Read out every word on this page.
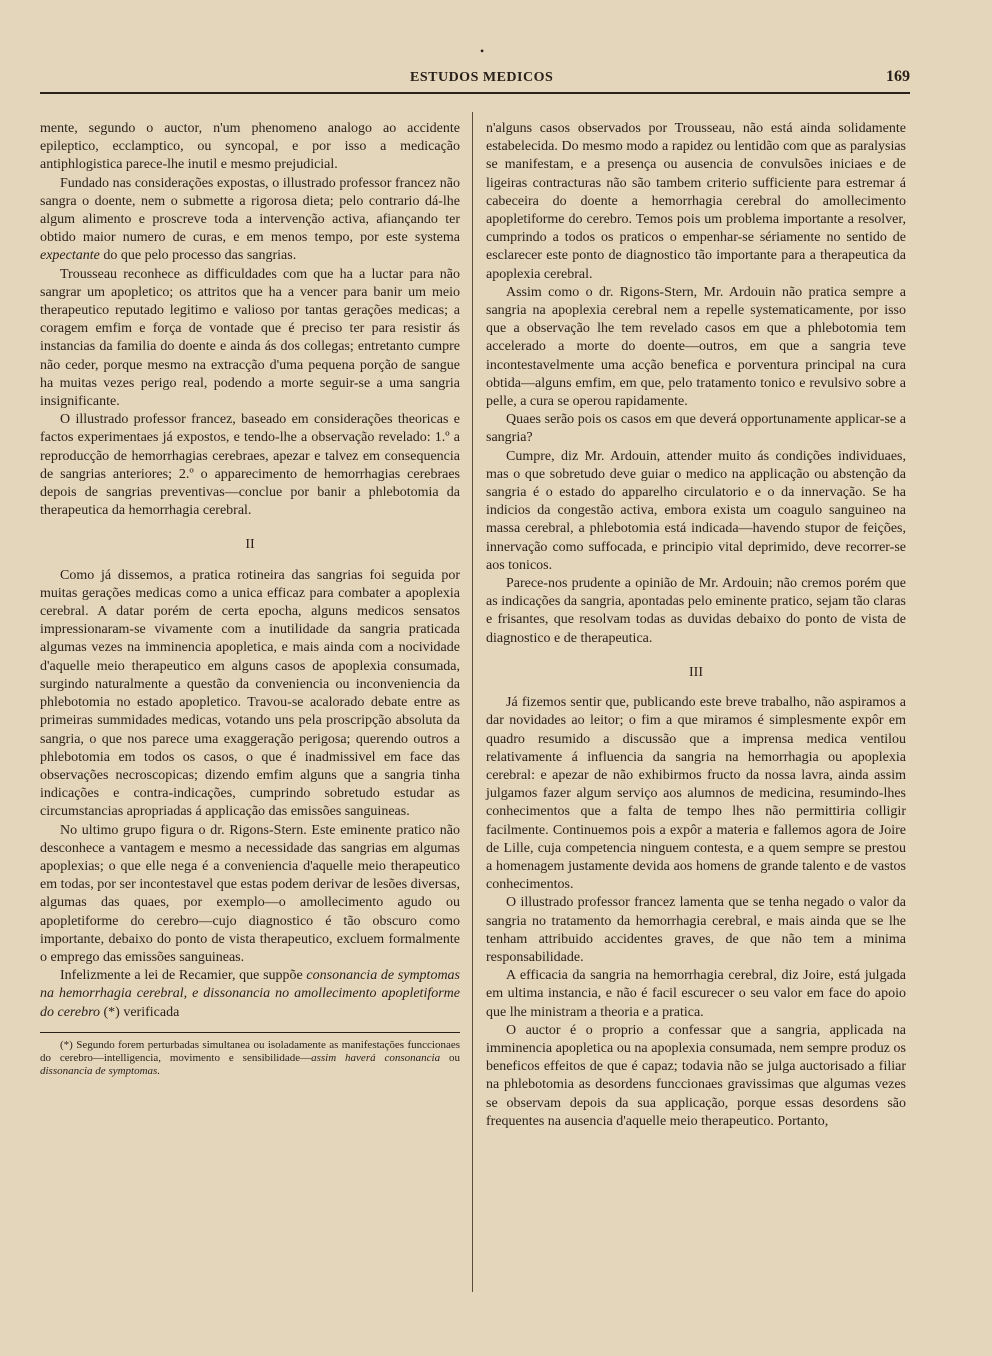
•
ESTUDOS MEDICOS	169

mente, segundo o auctor, n'um phenomeno analogo ao accidente epileptico, ecclamptico, ou syncopal, e por isso a medicação antiphlogistica parece-lhe inutil e mesmo prejudicial.

Fundado nas considerações expostas, o illustrado professor francez não sangra o doente, nem o submette a rigorosa dieta; pelo contrario dá-lhe algum alimento e proscreve toda a intervenção activa, afiançando ter obtido maior numero de curas, e em menos tempo, por este systema expectante do que pelo processo das sangrias.

Trousseau reconhece as difficuldades com que ha a luctar para não sangrar um apopletico; os attritos que ha a vencer para banir um meio therapeutico reputado legitimo e valioso por tantas gerações medicas; a coragem emfim e força de vontade que é preciso ter para resistir ás instancias da familia do doente e ainda ás dos collegas; entretanto cumpre não ceder, porque mesmo na extracção d'uma pequena porção de sangue ha muitas vezes perigo real, podendo a morte seguir-se a uma sangria insignificante.

O illustrado professor francez, baseado em considerações theoricas e factos experimentaes já expostos, e tendo-lhe a observação revelado: 1.º a reproducção de hemorrhagias cerebraes, apezar e talvez em consequencia de sangrias anteriores; 2.º o apparecimento de hemorrhagias cerebraes depois de sangrias preventivas—conclue por banir a phlebotomia da therapeutica da hemorrhagia cerebral.

II

Como já dissemos, a pratica rotineira das sangrias foi seguida por muitas gerações medicas como a unica efficaz para combater a apoplexia cerebral. A datar porém de certa epocha, alguns medicos sensatos impressionaram-se vivamente com a inutilidade da sangria praticada algumas vezes na imminencia apopletica, e mais ainda com a nocividade d'aquelle meio therapeutico em alguns casos de apoplexia consumada, surgindo naturalmente a questão da conveniencia ou inconveniencia da phlebotomia no estado apopletico. Travou-se acalorado debate entre as primeiras summidades medicas, votando uns pela proscripção absoluta da sangria, o que nos parece uma exaggeração perigosa; querendo outros a phlebotomia em todos os casos, o que é inadmissivel em face das observações necroscopicas; dizendo emfim alguns que a sangria tinha indicações e contra-indicações, cumprindo sobretudo estudar as circumstancias apropriadas á applicação das emissões sanguineas.

No ultimo grupo figura o dr. Rigons-Stern. Este eminente pratico não desconhece a vantagem e mesmo a necessidade das sangrias em algumas apoplexias; o que elle nega é a conveniencia d'aquelle meio therapeutico em todas, por ser incontestavel que estas podem derivar de lesões diversas, algumas das quaes, por exemplo—o amollecimento agudo ou apopletiforme do cerebro—cujo diagnostico é tão obscuro como importante, debaixo do ponto de vista therapeutico, excluem formalmente o emprego das emissões sanguineas.

Infelizmente a lei de Recamier, que suppõe consonancia de symptomas na hemorrhagia cerebral, e dissonancia no amollecimento apopletiforme do cerebro (*) verificada

(*) Segundo forem perturbadas simultanea ou isoladamente as manifestações funccionaes do cerebro—intelligencia, movimento e sensibilidade—assim haverá consonancia ou dissonancia de symptomas.

n'alguns casos observados por Trousseau, não está ainda solidamente estabelecida. Do mesmo modo a rapidez ou lentidão com que as paralysias se manifestam, e a presença ou ausencia de convulsões iniciaes e de ligeiras contracturas não são tambem criterio sufficiente para estremar á cabeceira do doente a hemorrhagia cerebral do amollecimento apopletiforme do cerebro. Temos pois um problema importante a resolver, cumprindo a todos os praticos o empenhar-se sériamente no sentido de esclarecer este ponto de diagnostico tão importante para a therapeutica da apoplexia cerebral.

Assim como o dr. Rigons-Stern, Mr. Ardouin não pratica sempre a sangria na apoplexia cerebral nem a repelle systematicamente, por isso que a observação lhe tem revelado casos em que a phlebotomia tem accelerado a morte do doente—outros, em que a sangria teve incontestavelmente uma acção benefica e porventura principal na cura obtida—alguns emfim, em que, pelo tratamento tonico e revulsivo sobre a pelle, a cura se operou rapidamente.

Quaes serão pois os casos em que deverá opportunamente applicar-se a sangria?

Cumpre, diz Mr. Ardouin, attender muito ás condições individuaes, mas o que sobretudo deve guiar o medico na applicação ou abstenção da sangria é o estado do apparelho circulatorio e o da innervação. Se ha indicios da congestão activa, embora exista um coagulo sanguineo na massa cerebral, a phlebotomia está indicada—havendo stupor de feições, innervação como suffocada, e principio vital deprimido, deve recorrer-se aos tonicos.

Parece-nos prudente a opinião de Mr. Ardouin; não cremos porém que as indicações da sangria, apontadas pelo eminente pratico, sejam tão claras e frisantes, que resolvam todas as duvidas debaixo do ponto de vista de diagnostico e de therapeutica.

III

Já fizemos sentir que, publicando este breve trabalho, não aspiramos a dar novidades ao leitor; o fim a que miramos é simplesmente expôr em quadro resumido a discussão que a imprensa medica ventilou relativamente á influencia da sangria na hemorrhagia ou apoplexia cerebral: e apezar de não exhibirmos fructo da nossa lavra, ainda assim julgamos fazer algum serviço aos alumnos de medicina, resumindo-lhes conhecimentos que a falta de tempo lhes não permittiria colligir facilmente. Continuemos pois a expôr a materia e fallemos agora de Joire de Lille, cuja competencia ninguem contesta, e a quem sempre se prestou a homenagem justamente devida aos homens de grande talento e de vastos conhecimentos.

O illustrado professor francez lamenta que se tenha negado o valor da sangria no tratamento da hemorrhagia cerebral, e mais ainda que se lhe tenham attribuido accidentes graves, de que não tem a minima responsabilidade.

A efficacia da sangria na hemorrhagia cerebral, diz Joire, está julgada em ultima instancia, e não é facil escurecer o seu valor em face do apoio que lhe ministram a theoria e a pratica.

O auctor é o proprio a confessar que a sangria, applicada na imminencia apopletica ou na apoplexia consumada, nem sempre produz os beneficos effeitos de que é capaz; todavia não se julga auctorisado a filiar na phlebotomia as desordens funccionaes gravissimas que algumas vezes se observam depois da sua applicação, porque essas desordens são frequentes na ausencia d'aquelle meio therapeutico. Portanto,
